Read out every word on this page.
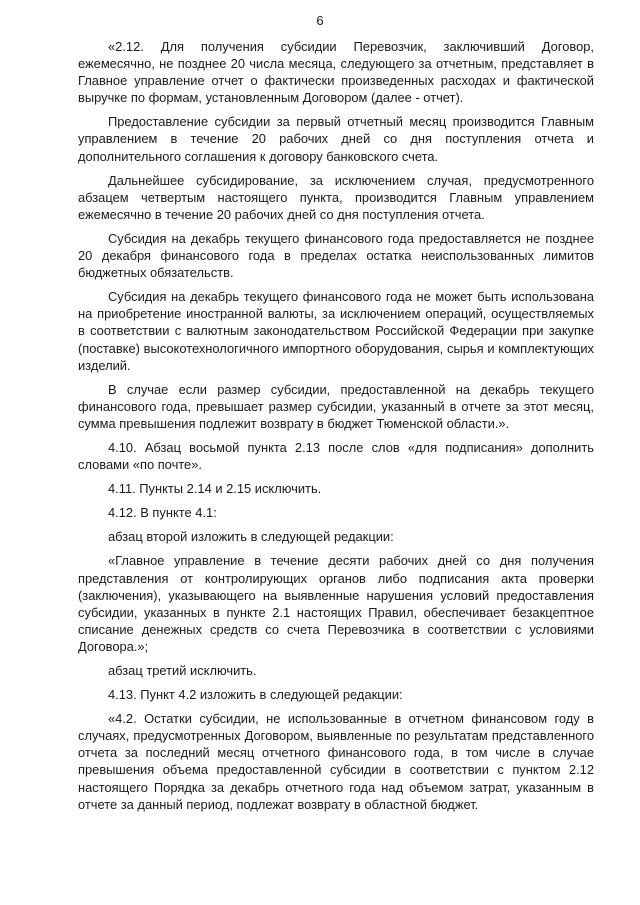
6

«2.12. Для получения субсидии Перевозчик, заключивший Договор, ежемесячно, не позднее 20 числа месяца, следующего за отчетным, представляет в Главное управление отчет о фактически произведенных расходах и фактической выручке по формам, установленным Договором (далее - отчет).

Предоставление субсидии за первый отчетный месяц производится Главным управлением в течение 20 рабочих дней со дня поступления отчета и дополнительного соглашения к договору банковского счета.

Дальнейшее субсидирование, за исключением случая, предусмотренного абзацем четвертым настоящего пункта, производится Главным управлением ежемесячно в течение 20 рабочих дней со дня поступления отчета.

Субсидия на декабрь текущего финансового года предоставляется не позднее 20 декабря финансового года в пределах остатка неиспользованных лимитов бюджетных обязательств.

Субсидия на декабрь текущего финансового года не может быть использована на приобретение иностранной валюты, за исключением операций, осуществляемых в соответствии с валютным законодательством Российской Федерации при закупке (поставке) высокотехнологичного импортного оборудования, сырья и комплектующих изделий.

В случае если размер субсидии, предоставленной на декабрь текущего финансового года, превышает размер субсидии, указанный в отчете за этот месяц, сумма превышения подлежит возврату в бюджет Тюменской области.».

4.10. Абзац восьмой пункта 2.13 после слов «для подписания» дополнить словами «по почте».

4.11. Пункты 2.14 и 2.15 исключить.

4.12. В пункте 4.1:

абзац второй изложить в следующей редакции:

«Главное управление в течение десяти рабочих дней со дня получения представления от контролирующих органов либо подписания акта проверки (заключения), указывающего на выявленные нарушения условий предоставления субсидии, указанных в пункте 2.1 настоящих Правил, обеспечивает безакцептное списание денежных средств со счета Перевозчика в соответствии с условиями Договора.»;

абзац третий исключить.

4.13. Пункт 4.2 изложить в следующей редакции:

«4.2. Остатки субсидии, не использованные в отчетном финансовом году в случаях, предусмотренных Договором, выявленные по результатам представленного отчета за последний месяц отчетного финансового года, в том числе в случае превышения объема предоставленной субсидии в соответствии с пунктом 2.12 настоящего Порядка за декабрь отчетного года над объемом затрат, указанным в отчете за данный период, подлежат возврату в областной бюджет.
